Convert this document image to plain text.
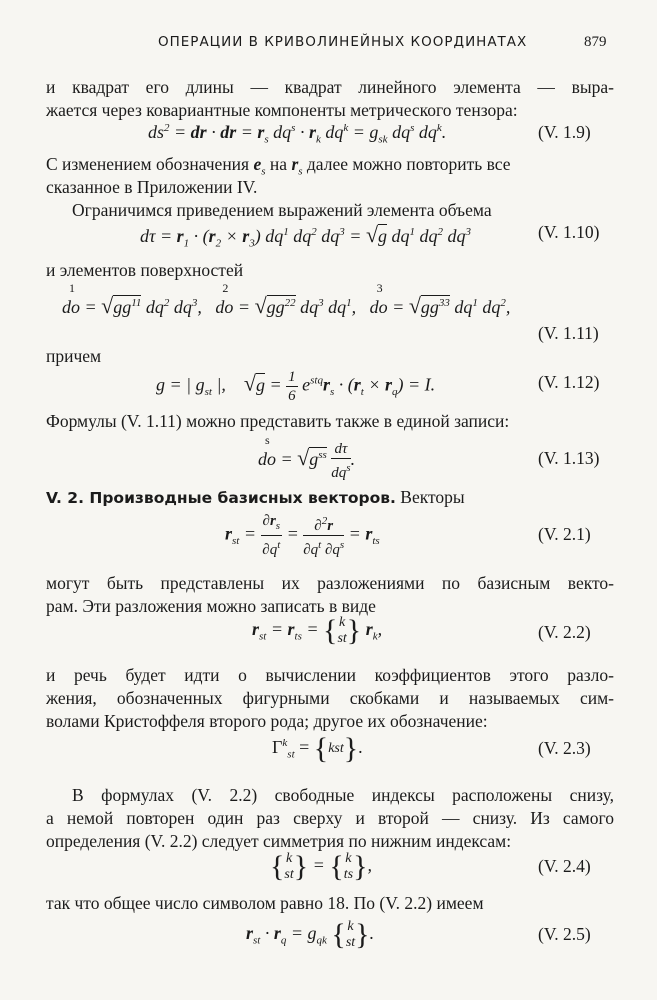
ОПЕРАЦИИ В КРИВОЛИНЕЙНЫХ КООРДИНАТАХ	879

и квадрат его длины — квадрат линейного элемента — выра-

жается через ковариантные компоненты метрического тензора:

$ds^2$ = dr · dr = $r_s$ $dq^s \cdot r_k$ $dq^k = g_{sk}$ $dq^s$ $dq^k$.	(V. 1.9)

С изменением обозначения $e_s$ на $r_s$ далее можно повторить все

сказанное в Приложении IV.

Ограничимся приведением выражений элемента объема

$d\tau = r_1 \cdot (r_2 \times r_3)$ $dq^1$ $dq^2$ $dq^3 = √g$ $dq^1$ $dq^2$ $dq^3$	(V. 1.10)

и элементов поверхностей

do
1
= $√gg^{11}$ $dq^2$ $dq^3$,   do
2
= $√gg^{22}$ $dq^3$ $dq^1$,   do
3
= $√gg^{33}$ $dq^1$ $dq^2$,
(V. 1.11)

причем

g = | $g_{st}$ |,    $√g = \frac{1}{6} e^{stq}r_s \cdot (r_t \times r_q) = I$.	(V. 1.12)

Формулы (V. 1.11) можно представить также в единой записи:

do
s
= $√g^{ss} \frac{d\tau}{dq^s}$ .	(V. 1.13)

V. 2. Производные базисных векторов. Векторы

$r_{st} = \frac{\partial r_s}{\partial q^t} = \frac{\partial^2r}{\partial q^t \partial q^s} = r_{ts}$	(V. 2.1)

могут быть представлены их разложениями по базисным векто-

рам. Эти разложения можно записать в виде

$r_{st} = r_{ts}$ = { k
st } $r_k$,	(V. 2.2)

и речь будет идти о вычислении коэффициентов этого разло-

жения, обозначенных фигурными скобками и называемых сим-

волами Кристоффеля второго рода; другое их обозначение:

$\Gamma^k_{st} = \{kst\}$.	(V. 2.3)

В формулах (V. 2.2) свободные индексы расположены снизу,

а немой повторен один раз сверху и второй — снизу. Из самого

определения (V. 2.2) следует симметрия по нижним индексам:

{ k
st } = { k
ts },	(V. 2.4)

так что общее число символом равно 18. По (V. 2.2) имеем

$r_{st} \cdot r_q = g_{qk}$ { k
st }.	(V. 2.5)
